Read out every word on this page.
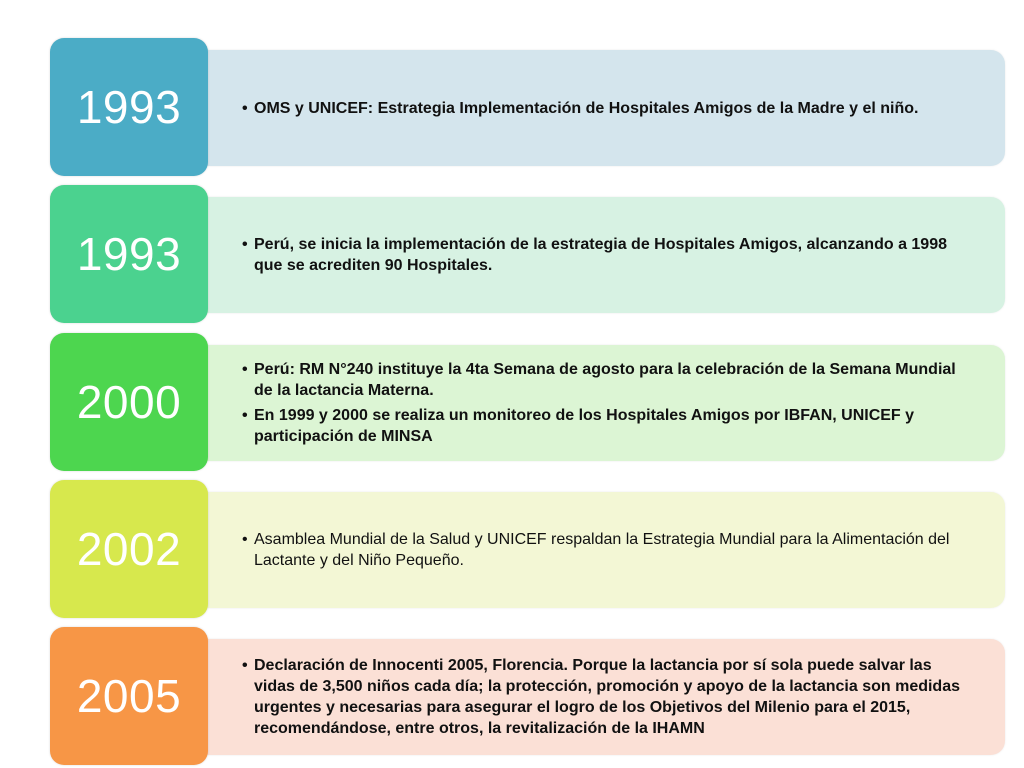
• OMS y UNICEF: Estrategia Implementación de Hospitales Amigos de la Madre y el niño.
1993
• Perú, se inicia la implementación de la estrategia de Hospitales Amigos, alcanzando a 1998 que se acrediten 90 Hospitales.
1993
• Perú: RM N°240 instituye la 4ta Semana de agosto para la celebración de la Semana Mundial de la lactancia Materna.
• En 1999 y 2000 se realiza un monitoreo de los Hospitales Amigos por IBFAN, UNICEF y participación de MINSA
2000
• Asamblea Mundial de la Salud y UNICEF respaldan la Estrategia Mundial para la Alimentación del Lactante y del Niño Pequeño.
2002
• Declaración de Innocenti 2005, Florencia. Porque la lactancia por sí sola puede salvar las vidas de 3,500 niños cada día; la protección, promoción y apoyo de la lactancia son medidas urgentes y necesarias para asegurar el logro de los Objetivos del Milenio para el 2015, recomendándose, entre otros, la revitalización de la IHAMN
2005
